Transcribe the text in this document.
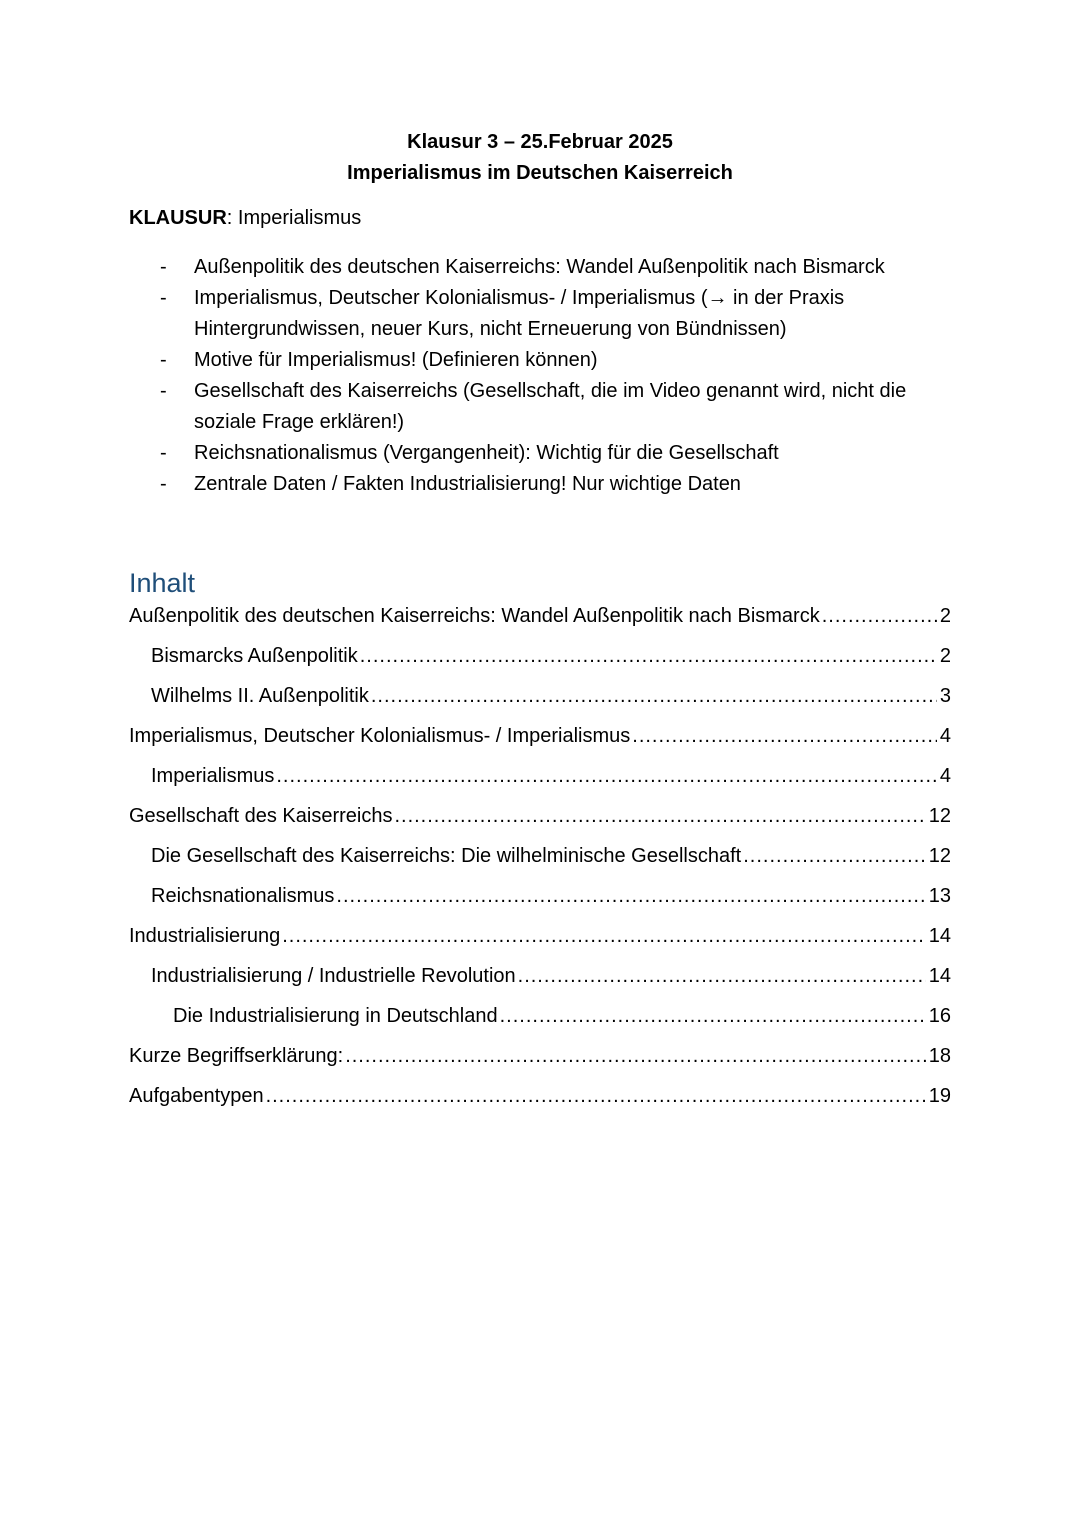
Klausur 3 – 25.Februar 2025
Imperialismus im Deutschen Kaiserreich
KLAUSUR: Imperialismus
- Außenpolitik des deutschen Kaiserreichs: Wandel Außenpolitik nach Bismarck
- Imperialismus, Deutscher Kolonialismus- / Imperialismus (→ in der Praxis Hintergrundwissen, neuer Kurs, nicht Erneuerung von Bündnissen)
- Motive für Imperialismus! (Definieren können)
- Gesellschaft des Kaiserreichs (Gesellschaft, die im Video genannt wird, nicht die soziale Frage erklären!)
- Reichsnationalismus (Vergangenheit): Wichtig für die Gesellschaft
- Zentrale Daten / Fakten Industrialisierung! Nur wichtige Daten
Inhalt
Außenpolitik des deutschen Kaiserreichs: Wandel Außenpolitik nach Bismarck .....	2
Bismarcks Außenpolitik .....	2
Wilhelms II. Außenpolitik .....	3
Imperialismus, Deutscher Kolonialismus- / Imperialismus .....	4
Imperialismus .....	4
Gesellschaft des Kaiserreichs .....	12
Die Gesellschaft des Kaiserreichs: Die wilhelminische Gesellschaft .....	12
Reichsnationalismus .....	13
Industrialisierung .....	14
Industrialisierung / Industrielle Revolution .....	14
Die Industrialisierung in Deutschland .....	16
Kurze Begriffserklärung: .....	18
Aufgabentypen .....	19
